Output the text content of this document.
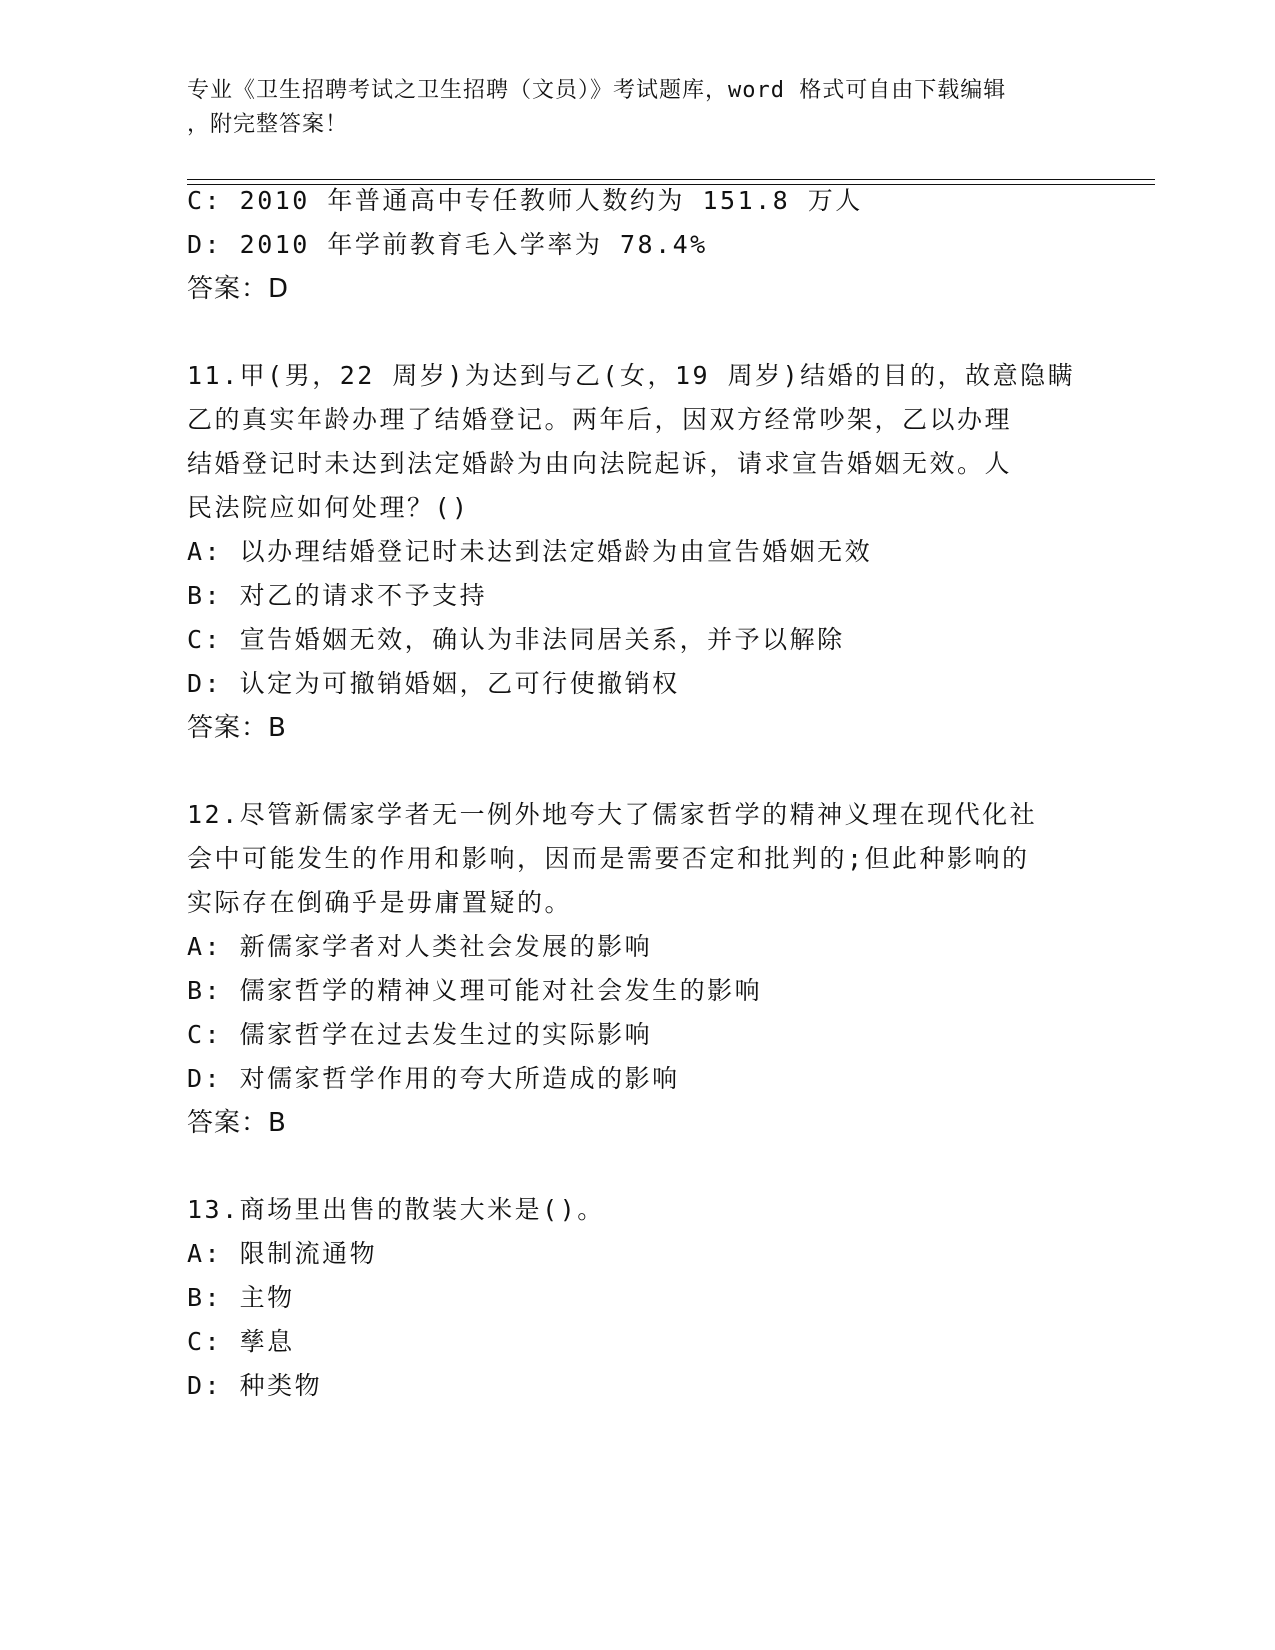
专业《卫生招聘考试之卫生招聘（文员）》考试题库，word 格式可自由下载编辑
，附完整答案！
C: 2010 年普通高中专任教师人数约为 151.8 万人
D: 2010 年学前教育毛入学率为 78.4%
答案：D
11.甲(男，22 周岁)为达到与乙(女，19 周岁)结婚的目的，故意隐瞒
乙的真实年龄办理了结婚登记。两年后，因双方经常吵架，乙以办理
结婚登记时未达到法定婚龄为由向法院起诉，请求宣告婚姻无效。人
民法院应如何处理？()
A: 以办理结婚登记时未达到法定婚龄为由宣告婚姻无效
B: 对乙的请求不予支持
C: 宣告婚姻无效，确认为非法同居关系，并予以解除
D: 认定为可撤销婚姻，乙可行使撤销权
答案：B
12.尽管新儒家学者无一例外地夸大了儒家哲学的精神义理在现代化社
会中可能发生的作用和影响，因而是需要否定和批判的;但此种影响的
实际存在倒确乎是毋庸置疑的。
A: 新儒家学者对人类社会发展的影响
B: 儒家哲学的精神义理可能对社会发生的影响
C: 儒家哲学在过去发生过的实际影响
D: 对儒家哲学作用的夸大所造成的影响
答案：B
13.商场里出售的散装大米是()。
A: 限制流通物
B: 主物
C: 孳息
D: 种类物
